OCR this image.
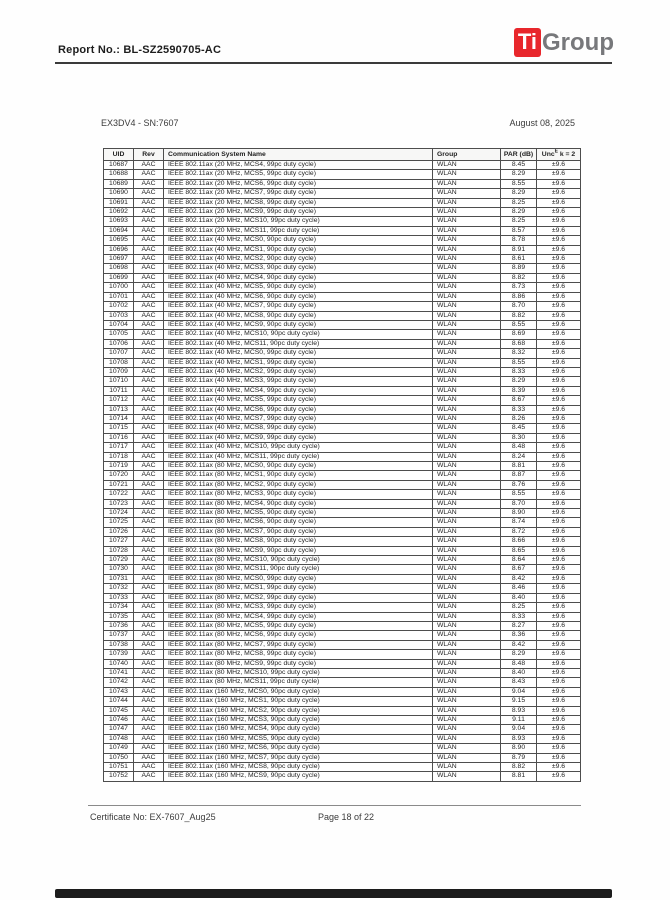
Report No.: BL-SZ2590705-AC	Ti Group
EX3DV4 - SN:7607	August 08, 2025
UID	Rev	Communication System Name	Group	PAR (dB)	Unc$^E$ k = 2
10687	AAC	IEEE 802.11ax (20 MHz, MCS4, 99pc duty cycle)	WLAN	8.45	±9.6
10688	AAC	IEEE 802.11ax (20 MHz, MCS5, 99pc duty cycle)	WLAN	8.29	±9.6
10689	AAC	IEEE 802.11ax (20 MHz, MCS6, 99pc duty cycle)	WLAN	8.55	±9.6
10690	AAC	IEEE 802.11ax (20 MHz, MCS7, 99pc duty cycle)	WLAN	8.29	±9.6
10691	AAC	IEEE 802.11ax (20 MHz, MCS8, 99pc duty cycle)	WLAN	8.25	±9.6
10692	AAC	IEEE 802.11ax (20 MHz, MCS9, 99pc duty cycle)	WLAN	8.29	±9.6
10693	AAC	IEEE 802.11ax (20 MHz, MCS10, 99pc duty cycle)	WLAN	8.25	±9.6
10694	AAC	IEEE 802.11ax (20 MHz, MCS11, 99pc duty cycle)	WLAN	8.57	±9.6
10695	AAC	IEEE 802.11ax (40 MHz, MCS0, 90pc duty cycle)	WLAN	8.78	±9.6
10696	AAC	IEEE 802.11ax (40 MHz, MCS1, 90pc duty cycle)	WLAN	8.91	±9.6
10697	AAC	IEEE 802.11ax (40 MHz, MCS2, 90pc duty cycle)	WLAN	8.61	±9.6
10698	AAC	IEEE 802.11ax (40 MHz, MCS3, 90pc duty cycle)	WLAN	8.89	±9.6
10699	AAC	IEEE 802.11ax (40 MHz, MCS4, 90pc duty cycle)	WLAN	8.82	±9.6
10700	AAC	IEEE 802.11ax (40 MHz, MCS5, 90pc duty cycle)	WLAN	8.73	±9.6
10701	AAC	IEEE 802.11ax (40 MHz, MCS6, 90pc duty cycle)	WLAN	8.86	±9.6
10702	AAC	IEEE 802.11ax (40 MHz, MCS7, 90pc duty cycle)	WLAN	8.70	±9.6
10703	AAC	IEEE 802.11ax (40 MHz, MCS8, 90pc duty cycle)	WLAN	8.82	±9.6
10704	AAC	IEEE 802.11ax (40 MHz, MCS9, 90pc duty cycle)	WLAN	8.55	±9.6
10705	AAC	IEEE 802.11ax (40 MHz, MCS10, 90pc duty cycle)	WLAN	8.69	±9.6
10706	AAC	IEEE 802.11ax (40 MHz, MCS11, 90pc duty cycle)	WLAN	8.68	±9.6
10707	AAC	IEEE 802.11ax (40 MHz, MCS0, 99pc duty cycle)	WLAN	8.32	±9.6
10708	AAC	IEEE 802.11ax (40 MHz, MCS1, 99pc duty cycle)	WLAN	8.55	±9.6
10709	AAC	IEEE 802.11ax (40 MHz, MCS2, 99pc duty cycle)	WLAN	8.33	±9.6
10710	AAC	IEEE 802.11ax (40 MHz, MCS3, 99pc duty cycle)	WLAN	8.29	±9.6
10711	AAC	IEEE 802.11ax (40 MHz, MCS4, 99pc duty cycle)	WLAN	8.39	±9.6
10712	AAC	IEEE 802.11ax (40 MHz, MCS5, 99pc duty cycle)	WLAN	8.67	±9.6
10713	AAC	IEEE 802.11ax (40 MHz, MCS6, 99pc duty cycle)	WLAN	8.33	±9.6
10714	AAC	IEEE 802.11ax (40 MHz, MCS7, 99pc duty cycle)	WLAN	8.26	±9.6
10715	AAC	IEEE 802.11ax (40 MHz, MCS8, 99pc duty cycle)	WLAN	8.45	±9.6
10716	AAC	IEEE 802.11ax (40 MHz, MCS9, 99pc duty cycle)	WLAN	8.30	±9.6
10717	AAC	IEEE 802.11ax (40 MHz, MCS10, 99pc duty cycle)	WLAN	8.48	±9.6
10718	AAC	IEEE 802.11ax (40 MHz, MCS11, 99pc duty cycle)	WLAN	8.24	±9.6
10719	AAC	IEEE 802.11ax (80 MHz, MCS0, 90pc duty cycle)	WLAN	8.81	±9.6
10720	AAC	IEEE 802.11ax (80 MHz, MCS1, 90pc duty cycle)	WLAN	8.87	±9.6
10721	AAC	IEEE 802.11ax (80 MHz, MCS2, 90pc duty cycle)	WLAN	8.76	±9.6
10722	AAC	IEEE 802.11ax (80 MHz, MCS3, 90pc duty cycle)	WLAN	8.55	±9.6
10723	AAC	IEEE 802.11ax (80 MHz, MCS4, 90pc duty cycle)	WLAN	8.70	±9.6
10724	AAC	IEEE 802.11ax (80 MHz, MCS5, 90pc duty cycle)	WLAN	8.90	±9.6
10725	AAC	IEEE 802.11ax (80 MHz, MCS6, 90pc duty cycle)	WLAN	8.74	±9.6
10726	AAC	IEEE 802.11ax (80 MHz, MCS7, 90pc duty cycle)	WLAN	8.72	±9.6
10727	AAC	IEEE 802.11ax (80 MHz, MCS8, 90pc duty cycle)	WLAN	8.66	±9.6
10728	AAC	IEEE 802.11ax (80 MHz, MCS9, 90pc duty cycle)	WLAN	8.65	±9.6
10729	AAC	IEEE 802.11ax (80 MHz, MCS10, 90pc duty cycle)	WLAN	8.64	±9.6
10730	AAC	IEEE 802.11ax (80 MHz, MCS11, 90pc duty cycle)	WLAN	8.67	±9.6
10731	AAC	IEEE 802.11ax (80 MHz, MCS0, 99pc duty cycle)	WLAN	8.42	±9.6
10732	AAC	IEEE 802.11ax (80 MHz, MCS1, 99pc duty cycle)	WLAN	8.46	±9.6
10733	AAC	IEEE 802.11ax (80 MHz, MCS2, 99pc duty cycle)	WLAN	8.40	±9.6
10734	AAC	IEEE 802.11ax (80 MHz, MCS3, 99pc duty cycle)	WLAN	8.25	±9.6
10735	AAC	IEEE 802.11ax (80 MHz, MCS4, 99pc duty cycle)	WLAN	8.33	±9.6
10736	AAC	IEEE 802.11ax (80 MHz, MCS5, 99pc duty cycle)	WLAN	8.27	±9.6
10737	AAC	IEEE 802.11ax (80 MHz, MCS6, 99pc duty cycle)	WLAN	8.36	±9.6
10738	AAC	IEEE 802.11ax (80 MHz, MCS7, 99pc duty cycle)	WLAN	8.42	±9.6
10739	AAC	IEEE 802.11ax (80 MHz, MCS8, 99pc duty cycle)	WLAN	8.29	±9.6
10740	AAC	IEEE 802.11ax (80 MHz, MCS9, 99pc duty cycle)	WLAN	8.48	±9.6
10741	AAC	IEEE 802.11ax (80 MHz, MCS10, 99pc duty cycle)	WLAN	8.40	±9.6
10742	AAC	IEEE 802.11ax (80 MHz, MCS11, 99pc duty cycle)	WLAN	8.43	±9.6
10743	AAC	IEEE 802.11ax (160 MHz, MCS0, 90pc duty cycle)	WLAN	9.04	±9.6
10744	AAC	IEEE 802.11ax (160 MHz, MCS1, 90pc duty cycle)	WLAN	9.15	±9.6
10745	AAC	IEEE 802.11ax (160 MHz, MCS2, 90pc duty cycle)	WLAN	8.93	±9.6
10746	AAC	IEEE 802.11ax (160 MHz, MCS3, 90pc duty cycle)	WLAN	9.11	±9.6
10747	AAC	IEEE 802.11ax (160 MHz, MCS4, 90pc duty cycle)	WLAN	9.04	±9.6
10748	AAC	IEEE 802.11ax (160 MHz, MCS5, 90pc duty cycle)	WLAN	8.93	±9.6
10749	AAC	IEEE 802.11ax (160 MHz, MCS6, 90pc duty cycle)	WLAN	8.90	±9.6
10750	AAC	IEEE 802.11ax (160 MHz, MCS7, 90pc duty cycle)	WLAN	8.79	±9.6
10751	AAC	IEEE 802.11ax (160 MHz, MCS8, 90pc duty cycle)	WLAN	8.82	±9.6
10752	AAC	IEEE 802.11ax (160 MHz, MCS9, 90pc duty cycle)	WLAN	8.81	±9.6
Certificate No: EX-7607_Aug25	Page 18 of 22
